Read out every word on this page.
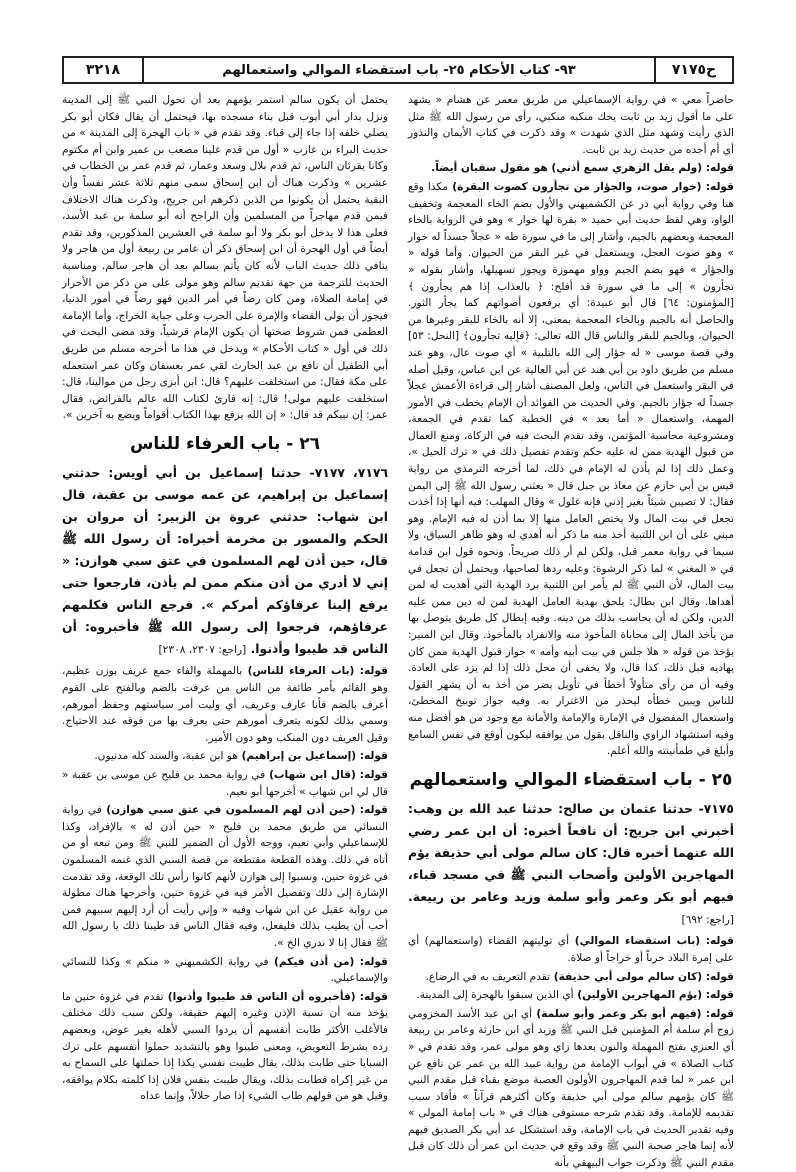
ح٧١٧٥
٩٣- كتاب الأحكام ٢٥- باب استقضاء الموالي واستعمالهم
٣٢١٨

حاضراً معي » في رواية الإسماعيلي من طريق معمر عن هشام « يشهد على ما أقول زيد بن ثابت يحك منكبه منكبي، رأى من رسول الله ﷺ مثل الذي رأيت وشهد مثل الذي شهدت » وقد ذكرت في كتاب الأيمان والنذور أي أم أجده من حديث زيد بن ثابت.

قوله: (ولم يقل الزهري سمع أذني) هو مقول سفيان أيضاً.

قوله: (خوار صوت، والجؤار من تجأرون كصوت البقرة) مكذا وقع هنا وفي رواية أبي ذر عن الكشميهني والأول بضم الخاء المعجمة وتخفيف الواو، وهي لفظ حديث أبي حميد « بقرة لها خوار » وهو في الرواية بالخاء المعجمة وبعضهم بالجيم، وأشار إلى ما في سورة طه « عجلاً جسداً له خوار » وهو صوت العجل، ويستعمل في غير البقر من الحيوان. وأما قوله « والجؤار » فهو بضم الجيم وواو مهموزة ويجوز تسهيلها، وأشار بقوله « تجأرون » إلى ما في سورة قد أفلح: ﴿ بالعذاب إذا هم يجأرون ﴾ [المؤمنون: ٦٤] قال أبو عبيدة: أي يرفعون أصواتهم كما يجأر الثور. والحاصل أنه بالجيم وبالخاء المعجمة بمعنى، إلا أنه بالخاء للبقر وغيرها من الحيوان، وبالجيم للبقر والناس قال الله تعالى: ﴿فإليه تجأرون﴾ [النحل: ٥٣] وفي قصة موسى « له جؤار إلى الله بالتلبية » أي صوت عال، وهو عند مسلم من طريق داود بن أبي هند عن أبي العالية عن ابن عباس، وقيل أصله في البقر واستعمل في الناس، ولعل المصنف أشار إلى قراءة الأعمش عجلاً جسداً له جؤار بالجيم. وفي الحديث من الفوائد أن الإمام يخطب في الأمور المهمة، واستعمال « أما بعد » في الخطبة كما تقدم في الجمعة، ومشروعية محاسبة المؤتمن، وقد تقدم البحث فيه في الزكاة، ومنع العمال من قبول الهدية ممن له عليه حكم وتقدم تفصيل ذلك في « ترك الحيل »، وعمل ذلك إذا لم يأذن له الإمام في ذلك، لما أخرجه الترمذي من رواية قيس بن أبي حازم عن معاذ بن جبل قال « بعثني رسول الله ﷺ إلى اليمن فقال: لا تصيبن شيئاً بغير إذني فإنه غلول » وقال المهلب: فيه أنها إذا أخذت تجعل في بيت المال ولا يختص العامل منها إلا بما أذن له فيه الإمام. وهو مبني على أن ابن اللتبية أخذ منه ما ذكر أنه أهدي له وهو ظاهر السياق، ولا سيما في رواية معمر قبل، ولكن لم أر ذلك صريحاً. ونحوه قول ابن قدامة في « المغني » لما ذكر الرشوة: وعليه ردها لصاحبها، ويحتمل أن تجعل في بيت المال، لأن النبي ﷺ لم يأمر ابن اللتبية برد الهدية التي أهديت له لمن أهداها. وقال ابن بطال: يلحق بهدية العامل الهدية لمن له دين ممن عليه الدين، ولكن له أن يحاسب بذلك من دينه. وفيه إبطال كل طريق يتوصل بها من يأخذ المال إلى محاباة المأخوذ منه والانفراد بالمأخوذ. وقال ابن المنير: يؤخذ من قوله « هلا جلس في بيت أبيه وأمه » جواز قبول الهدية ممن كان يهاديه قبل ذلك، كذا قال، ولا يخفى أن محل ذلك إذا لم يزد على العادة. وفيه أن من رأى متأولاً أخطأ في تأويل يضر من أخذ به أن يشهر القول للناس ويبين خطأه ليحذر من الاغترار به. وفيه جواز توبيخ المخطئ، واستعمال المفضول في الإمارة والإمامة والأمانة مع وجود من هو أفضل منه وفيه استشهاد الراوي والناقل بقول من يوافقه ليكون أوقع في نفس السامع وأبلغ في طمأنينته والله أعلم.

٢٥ - باب استقضاء الموالي واستعمالهم

٧١٧٥- حدثنا عثمان بن صالح: حدثنا عبد الله بن وهب: أخبرني ابن جريج: أن نافعاً أخبره: أن ابن عمر رضي الله عنهما أخبره قال: كان سالم مولى أبي حذيفة يؤم المهاجرين الأولين وأصحاب النبي ﷺ في مسجد قباء، فيهم أبو بكر وعمر وأبو سلمة وزيد وعامر بن ربيعة. [راجع: ٦٩٢]

قوله: (باب استقضاء الموالي) أي توليتهم القضاء (واستعمالهم) أي على إمرة البلاد حرباً أو خراجاً أو صلاة.

قوله: (كان سالم مولى أبي حذيفة) تقدم التعريف به في الرضاع.

قوله: (يؤم المهاجرين الأولين) أي الذين سبقوا بالهجرة إلى المدينة.

قوله: (فيهم أبو بكر وعمر وأبو سلمة) أي ابن عبد الأسد المخزومي زوج أم سلمة أم المؤمنين قبل النبي ﷺ وزيد أي ابن حارثة وعامر بن ربيعة أي العنزي بفتح المهملة والنون بعدها زاي وهو مولى عمر، وقد تقدم في « كتاب الصلاة » في أبواب الإمامة من رواية عبيد الله بن عمر عن نافع عن ابن عمر « لما قدم المهاجرون الأولون العصبة موضع بقباء قبل مقدم النبي ﷺ كان يؤمهم سالم مولى أبي حذيفة وكان أكثرهم قرآناً » فأفاد سبب تقديمه للإمامة. وقد تقدم شرحه مستوفى هناك في « باب إمامة المولى » وفيه تقدير الحديث في باب الإمامة، وقد استشكل عد أبي بكر الصديق فيهم لأنه إنما هاجر صحبة النبي ﷺ وقد وقع في حديث ابن عمر أن ذلك كان قبل مقدم النبي ﷺ وذكرت جواب البيهقي بأنه

يحتمل أن يكون سالم استمر يؤمهم بعد أن تحول النبي ﷺ إلى المدينة ونزل بدار أبي أيوب قبل بناء مسجده بها، فيحتمل أن يقال فكان أبو بكر يصلي خلفه إذا جاء إلى قباء. وقد تقدم في « باب الهجرة إلى المدينة » من حديث البراء بن عازب « أول من قدم علينا مصعب بن عمير وابن أم مكتوم وكانا يقرئان الناس، ثم قدم بلال وسعد وعمار، ثم قدم عمر بن الخطاب في عشرين » وذكرت هناك أن ابن إسحاق سمى منهم ثلاثة عشر نفساً وأن البقية يحتمل أن يكونوا من الذين ذكرهم ابن جريج، وذكرت هناك الاختلاف فيمن قدم مهاجراً من المسلمين وأن الراجح أنه أبو سلمة بن عبد الأسد، فعلى هذا لا يدخل أبو بكر ولا أبو سلمة في العشرين المذكورين، وقد تقدم أيضاً في أول الهجرة أن ابن إسحاق ذكر أن عامر بن ربيعة أول من هاجر ولا ينافي ذلك حديث الباب لأنه كان يأتم بسالم بعد أن هاجر سالم. ومناسبة الحديث للترجمة من جهة تقديم سالم وهو مولى على من ذكر من الأحرار في إمامة الصلاة، ومن كان رضاً في أمر الدين فهو رضاً في أمور الدنيا، فيجوز أن يولى القضاء والإمرة على الحرب وعلى جباية الخراج، وأما الإمامة العظمى فمن شروط صحتها أن يكون الإمام قرشياً، وقد مضى البحث في ذلك في أول « كتاب الأحكام » ويدخل في هذا ما أخرجه مسلم من طريق أبي الطفيل أن نافع بن عبد الحارث لقي عمر بعسفان وكان عمر استعمله على مكة فقال: من استخلفت عليهم؟ قال: ابن أبزى رجل من موالينا، قال: استخلفت عليهم مولى! قال: إنه قارئ لكتاب الله عالم بالفرائض، فقال عمر: إن نبيكم قد قال: « إن الله يرفع بهذا الكتاب أقواماً ويضع به آخرين ».

٢٦ - باب العرفاء للناس

٧١٧٦، ٧١٧٧- حدثنا إسماعيل بن أبي أويس: حدثني إسماعيل بن إبراهيم، عن عمه موسى بن عقبة، قال ابن شهاب: حدثني عروة بن الزبير: أن مروان بن الحكم والمسور بن مخرمة أخبراه: أن رسول الله ﷺ قال، حين أذن لهم المسلمون في عتق سبي هوازن: « إني لا أدري من أذن منكم ممن لم يأذن، فارجعوا حتى يرفع إلينا عرفاؤكم أمركم ». فرجع الناس فكلمهم عرفاؤهم، فرجعوا إلى رسول الله ﷺ فأخبروه: أن الناس قد طيبوا وأذنوا. [راجع: ٢٣٠٧، ٢٣٠٨]

قوله: (باب العرفاء للناس) بالمهملة والفاء جمع عريف بوزن عظيم، وهو القائم بأمر طائفة من الناس من عرفت بالضم وبالفتح على القوم أعرف بالضم فأنا عارف وعريف، أي وليت أمر سياستهم وحفظ أمورهم، وسمي بذلك لكونه يتعرف أمورهم حتى يعرف بها من فوقه عند الاحتياج. وقيل العريف دون المنكب وهو دون الأمير.

قوله: (إسماعيل بن إبراهيم) هو ابن عقبة، والسند كله مدنيون.

قوله: (قال ابن شهاب) في رواية محمد بن فليح عن موسى بن عقبة « قال لي ابن شهاب » أخرجها أبو نعيم.

قوله: (حين أذن لهم المسلمون في عتق سبي هوازن) في رواية النسائي من طريق محمد بن فليح « حين أذن له » بالإفراد، وكذا للإسماعيلي وأبي نعيم، ووجه الأول أن الضمير للنبي ﷺ ومن تبعه أو من أتاه في ذلك. وهذه القطعة مقتطعة من قصة السبي الذي غنمه المسلمون في غزوة حنين، ونسبوا إلى هوازن لأنهم كانوا رأس تلك الوقعة، وقد تقدمت الإشارة إلى ذلك وتفصيل الأمر فيه في غزوة حنين، وأخرجها هناك مطولة من رواية عقيل عن ابن شهاب وفيه « وإني رأيت أن أرد إليهم سبيهم فمن أحب أن يطيب بذلك فليفعل، وفيه فقال الناس قد طيبنا ذلك يا رسول الله ﷺ فقال إنا لا ندري الخ ».

قوله: (من أذن فيكم) في رواية الكشميهني « منكم » وكذا للنسائي والإسماعيلي.

قوله: (فأخبروه أن الناس قد طيبوا وأذنوا) تقدم في غزوة حنين ما يؤخذ منه أن نسبة الإذن وغيره إليهم حقيقة، ولكن سبب ذلك مختلف فالأغلب الأكثر طابت أنفسهم أن يردوا السبي لأهله بغير عوض، وبعضهم رده بشرط التعويض، ومعنى طيبوا وهو بالتشديد حملوا أنفسهم على ترك السبايا حتى طابت بذلك، يقال طيبت نفسي بكذا إذا حملتها على السماح به من غير إكراه فطابت بذلك، ويقال طيبت بنفس فلان إذا كلمته بكلام يوافقه، وقيل هو من قولهم طاب الشيء إذا صار حلالاً، وإنما عداه
